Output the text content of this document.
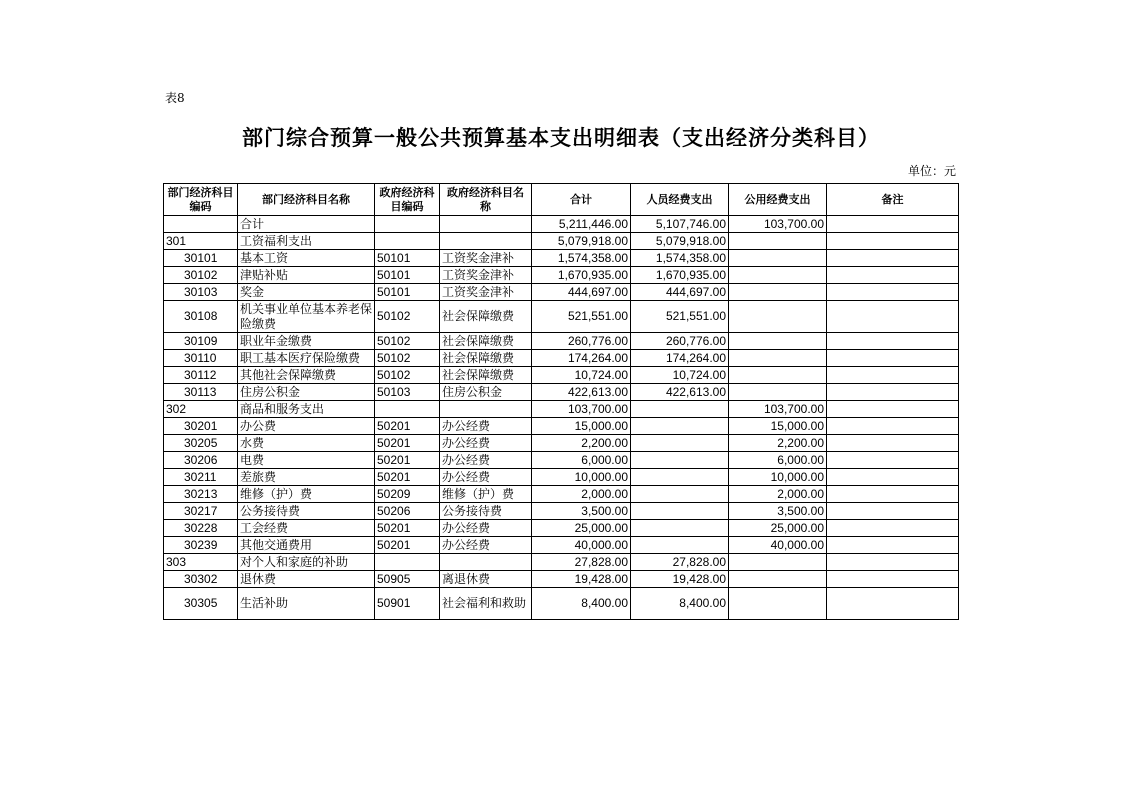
表8
部门综合预算一般公共预算基本支出明细表（支出经济分类科目）
单位：元
部门经济科目编码	部门经济科目名称	政府经济科目编码	政府经济科目名称	合计	人员经费支出	公用经费支出	备注
	合计			5,211,446.00	5,107,746.00	103,700.00	
301	工资福利支出			5,079,918.00	5,079,918.00		
30101	基本工资	50101	工资奖金津补	1,574,358.00	1,574,358.00		
30102	津贴补贴	50101	工资奖金津补	1,670,935.00	1,670,935.00		
30103	奖金	50101	工资奖金津补	444,697.00	444,697.00		
30108	机关事业单位基本养老保险缴费	50102	社会保障缴费	521,551.00	521,551.00		
30109	职业年金缴费	50102	社会保障缴费	260,776.00	260,776.00		
30110	职工基本医疗保险缴费	50102	社会保障缴费	174,264.00	174,264.00		
30112	其他社会保障缴费	50102	社会保障缴费	10,724.00	10,724.00		
30113	住房公积金	50103	住房公积金	422,613.00	422,613.00		
302	商品和服务支出			103,700.00		103,700.00	
30201	办公费	50201	办公经费	15,000.00		15,000.00	
30205	水费	50201	办公经费	2,200.00		2,200.00	
30206	电费	50201	办公经费	6,000.00		6,000.00	
30211	差旅费	50201	办公经费	10,000.00		10,000.00	
30213	维修（护）费	50209	维修（护）费	2,000.00		2,000.00	
30217	公务接待费	50206	公务接待费	3,500.00		3,500.00	
30228	工会经费	50201	办公经费	25,000.00		25,000.00	
30239	其他交通费用	50201	办公经费	40,000.00		40,000.00	
303	对个人和家庭的补助			27,828.00	27,828.00		
30302	退休费	50905	离退休费	19,428.00	19,428.00		
30305	生活补助	50901	社会福利和救助	8,400.00	8,400.00		
